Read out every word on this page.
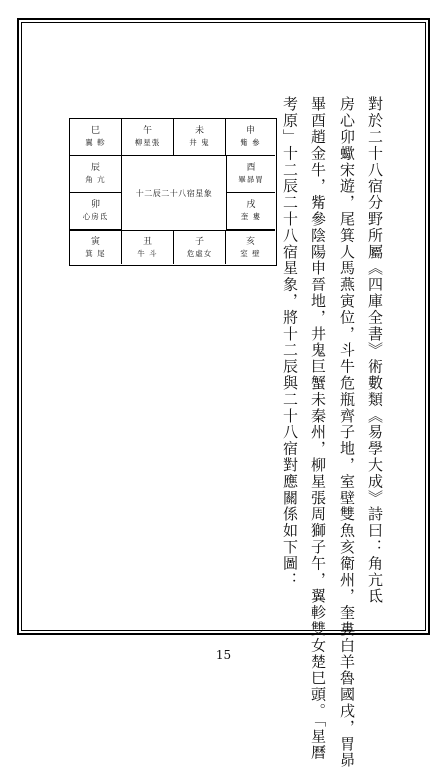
對於二十八宿分野所屬《四庫全書》術數類《易學大成》詩曰：角亢氐
房心卯蠍宋遊，尾箕人馬燕寅位，斗牛危瓶齊子地，室壁雙魚亥衛州，奎婁白羊魯國戌，胃昴
畢酉趙金牛，觜參陰陽申晉地，井鬼巨蟹未秦州，柳星張周獅子午，翼軫雙女楚巳頭。「星曆
考原」十二辰二十八宿星象，將十二辰與二十八宿對應關係如下圖：
巳
翼 軫
午
柳星張
未
井 鬼
申
觜 參
辰
角 亢
卯
心房氐
酉
畢昴胃
戌
奎 婁
十二辰二十八宿星象
寅
箕 尾
丑
牛 斗
子
危虛女
亥
室 壁
15
